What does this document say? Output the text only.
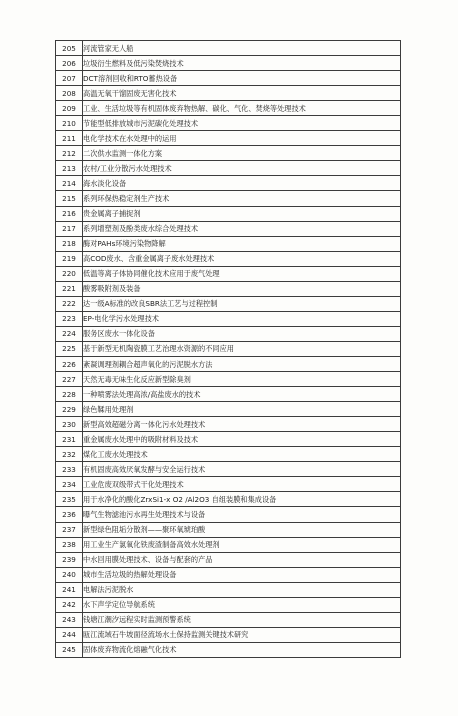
205	河流管家无人船
206	垃圾衍生燃料及低污染焚烧技术
207	DCT溶剂回收和RTO蓄热设备
208	高温无氧干馏固废无害化技术
209	工业、生活垃圾等有机固体废弃物热解、碳化、气化、焚烧等处理技术
210	节能型低排放城市污泥碳化处理技术
211	电化学技术在水处理中的运用
212	二次供水监测一体化方案
213	农村/工业分散污水处理技术
214	海水淡化设备
215	系列环保热稳定剂生产技术
216	贵金属离子捕捉剂
217	系列增塑剂及酚类废水综合处理技术
218	酶对PAHs环境污染物降解
219	高COD废水、含重金属离子废水处理技术
220	低温等离子体协同催化技术应用于废气处理
221	酸雾吸附剂及装备
222	达一级A标准的改良SBR法工艺与过程控制
223	EP-电化学污水处理技术
224	服务区废水一体化设备
225	基于新型无机陶瓷膜工艺治理水资源的不同应用
226	紊凝调理剂耦合超声氧化的污泥脱水方法
227	天然无毒无味生化反应新型除臭剂
228	一种喷雾法处理高浓/高盐废水的技术
229	绿色鞣用处理剂
230	新型高效超磁分离一体化污水处理技术
231	重金属废水处理中的吸附材料及技术
232	煤化工废水处理技术
233	有机固废高效厌氧发酵与安全运行技术
234	工业危废双级带式干化处理技术
235	用于水净化的酸化ZrxSi1-x O2 /Al2O3 自组装膜和集成设备
236	曝气生物滤池污水再生处理技术与设备
237	新型绿色阻垢分散剂——聚环氧琥珀酸
238	用工业生产氯氧化铁废渣制备高效水处理剂
239	中水回用膜处理技术、设备与配套的产品
240	城市生活垃圾的热解处理设备
241	电解法污泥脱水
242	水下声学定位导航系统
243	钱塘江潮汐远程实时监测预警系统
244	瓯江流域石牛坡面径流场水土保持监测关键技术研究
245	固体废弃物流化熔融气化技术
